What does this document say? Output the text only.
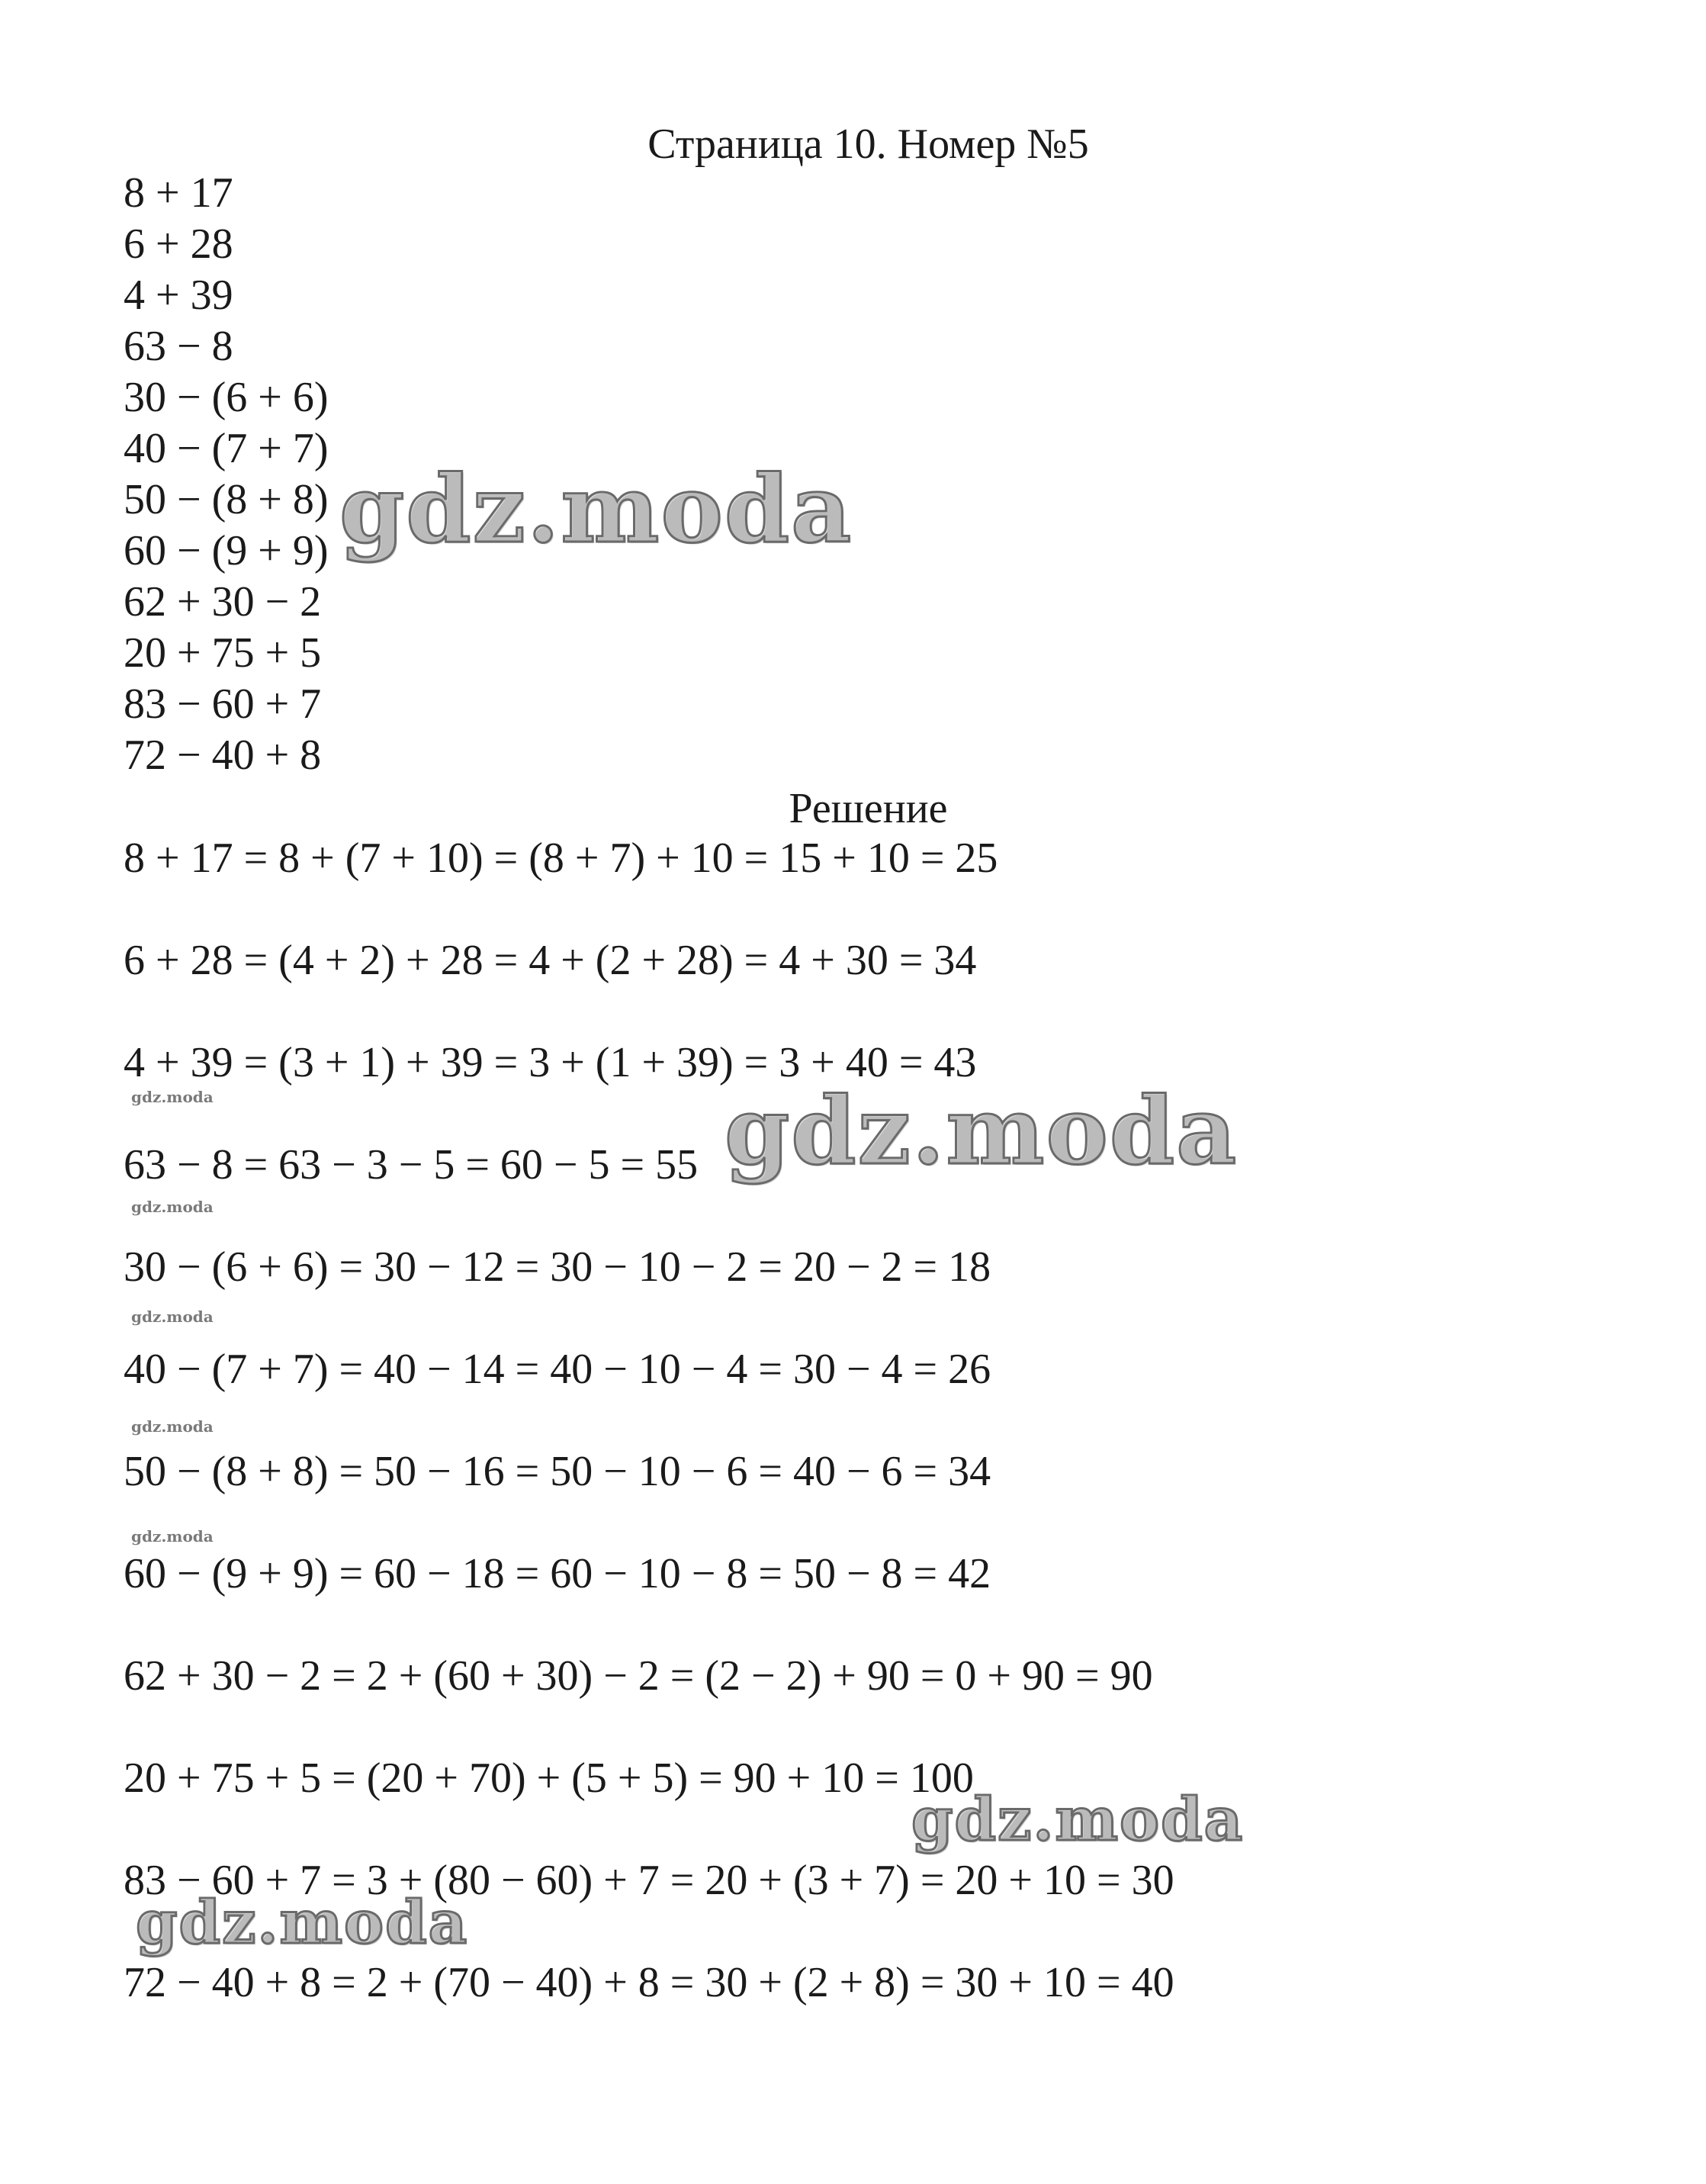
Страница 10. Номер №5
8 + 17
6 + 28
4 + 39
63 − 8
30 − (6 + 6)
40 − (7 + 7)
50 − (8 + 8)
60 − (9 + 9)
62 + 30 − 2
20 + 75 + 5
83 − 60 + 7
72 − 40 + 8
Решение
8 + 17 = 8 + (7 + 10) = (8 + 7) + 10 = 15 + 10 = 25
6 + 28 = (4 + 2) + 28 = 4 + (2 + 28) = 4 + 30 = 34
4 + 39 = (3 + 1) + 39 = 3 + (1 + 39) = 3 + 40 = 43
63 − 8 = 63 − 3 − 5 = 60 − 5 = 55
30 − (6 + 6) = 30 − 12 = 30 − 10 − 2 = 20 − 2 = 18
40 − (7 + 7) = 40 − 14 = 40 − 10 − 4 = 30 − 4 = 26
50 − (8 + 8) = 50 − 16 = 50 − 10 − 6 = 40 − 6 = 34
60 − (9 + 9) = 60 − 18 = 60 − 10 − 8 = 50 − 8 = 42
62 + 30 − 2 = 2 + (60 + 30) − 2 = (2 − 2) + 90 = 0 + 90 = 90
20 + 75 + 5 = (20 + 70) + (5 + 5) = 90 + 10 = 100
83 − 60 + 7 = 3 + (80 − 60) + 7 = 20 + (3 + 7) = 20 + 10 = 30
72 − 40 + 8 = 2 + (70 − 40) + 8 = 30 + (2 + 8) = 30 + 10 = 40
gdz.moda
gdz.moda
gdz.moda
gdz.moda
gdz.moda
gdz.moda
gdz.moda
gdz.moda
gdz.moda
